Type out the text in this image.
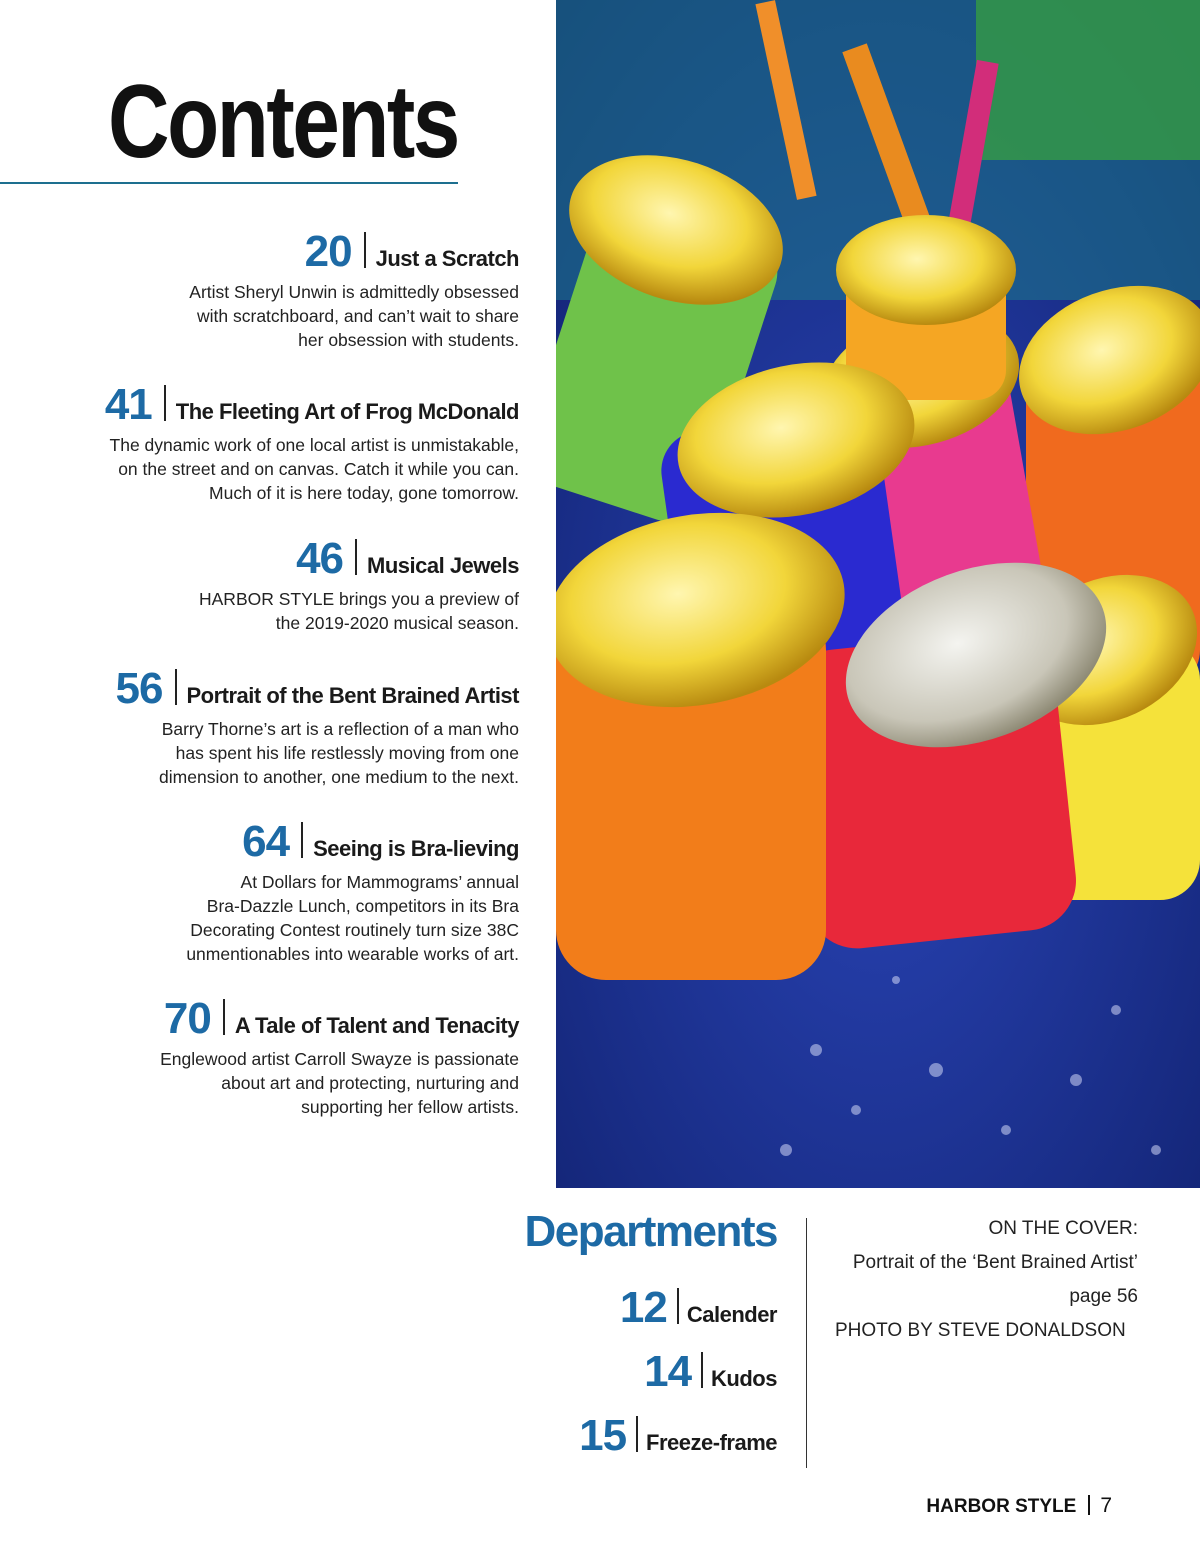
Contents
20 Just a Scratch

Artist Sheryl Unwin is admittedly obsessed
with scratchboard, and can’t wait to share
her obsession with students.

41 The Fleeting Art of Frog McDonald

The dynamic work of one local artist is unmistakable,
on the street and on canvas. Catch it while you can.
Much of it is here today, gone tomorrow.

46 Musical Jewels

HARBOR STYLE brings you a preview of
the 2019-2020 musical season.

56 Portrait of the Bent Brained Artist

Barry Thorne’s art is a reflection of a man who
has spent his life restlessly moving from one
dimension to another, one medium to the next.

64 Seeing is Bra-lieving

At Dollars for Mammograms’ annual
Bra-Dazzle Lunch, competitors in its Bra
Decorating Contest routinely turn size 38C
unmentionables into wearable works of art.

70 A Tale of Talent and Tenacity

Englewood artist Carroll Swayze is passionate
about art and protecting, nurturing and
supporting her fellow artists.

Departments
12 Calender
14 Kudos
15 Freeze-frame
ON THE COVER:
Portrait of the ‘Bent Brained Artist’
page 56
PHOTO BY STEVE DONALDSON
HARBOR STYLE 7
